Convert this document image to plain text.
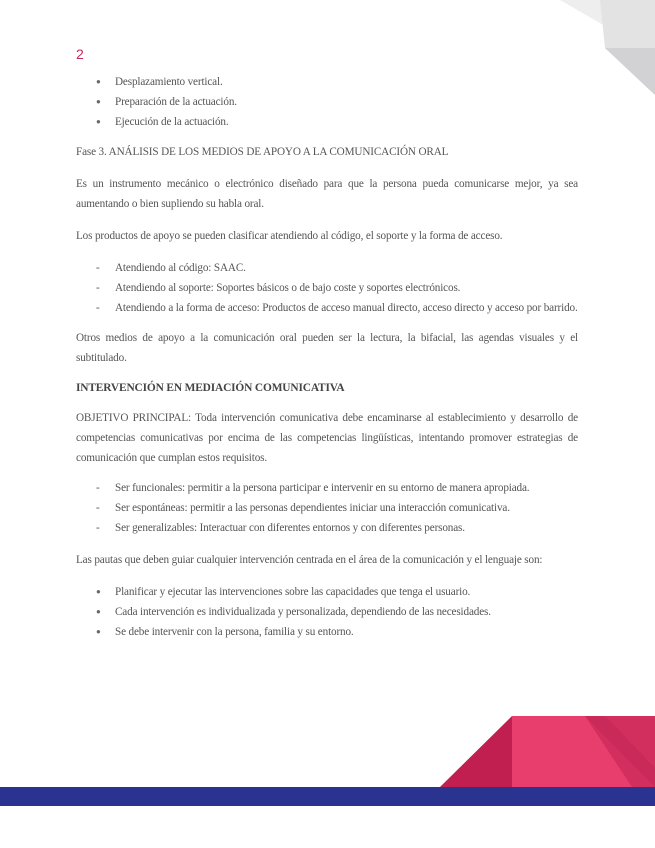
2
● Desplazamiento vertical.
● Preparación de la actuación.
● Ejecución de la actuación.

Fase 3. ANÁLISIS DE LOS MEDIOS DE APOYO A LA COMUNICACIÓN ORAL

Es un instrumento mecánico o electrónico diseñado para que la persona pueda comunicarse mejor, ya sea aumentando o bien supliendo su habla oral.

Los productos de apoyo se pueden clasificar atendiendo al código, el soporte y la forma de acceso.

- Atendiendo al código: SAAC.
- Atendiendo al soporte: Soportes básicos o de bajo coste y soportes electrónicos.
- Atendiendo a la forma de acceso: Productos de acceso manual directo, acceso directo y acceso por barrido.

Otros medios de apoyo a la comunicación oral pueden ser la lectura, la bifacial, las agendas visuales y el subtitulado.

INTERVENCIÓN EN MEDIACIÓN COMUNICATIVA

OBJETIVO PRINCIPAL: Toda intervención comunicativa debe encaminarse al establecimiento y desarrollo de competencias comunicativas por encima de las competencias lingüísticas, intentando promover estrategias de comunicación que cumplan estos requisitos.

- Ser funcionales: permitir a la persona participar e intervenir en su entorno de manera apropiada.
- Ser espontáneas: permitir a las personas dependientes iniciar una interacción comunicativa.
- Ser generalizables: Interactuar con diferentes entornos y con diferentes personas.

Las pautas que deben guiar cualquier intervención centrada en el área de la comunicación y el lenguaje son:

● Planificar y ejecutar las intervenciones sobre las capacidades que tenga el usuario.
● Cada intervención es individualizada y personalizada, dependiendo de las necesidades.
● Se debe intervenir con la persona, familia y su entorno.
